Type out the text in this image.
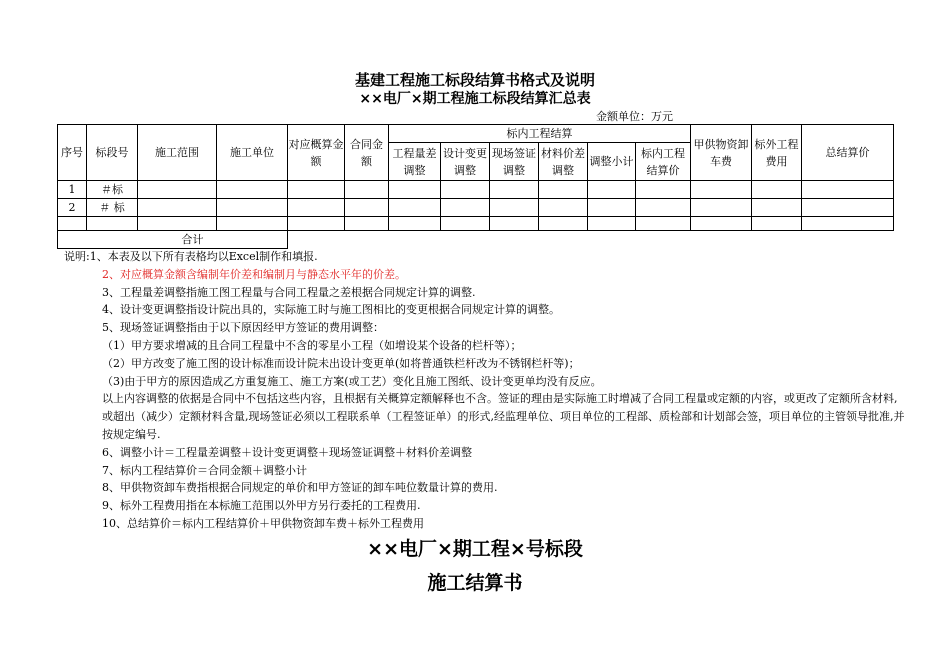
基建工程施工标段结算书格式及说明
××电厂×期工程施工标段结算汇总表
金额单位：万元
序号	标段号	施工范围	施工单位	对应概算金额	合同金额	标内工程结算						甲供物资卸车费	标外工程费用	总结算价
						工程量差调整	设计变更调整	现场签证调整	材料价差调整	调整小计	标内工程结算价			
1	＃标													
2	＃ 标													

合计														
说明:1、本表及以下所有表格均以Excel制作和填报.
2、对应概算金额含编制年价差和编制月与静态水平年的价差。
3、工程量差调整指施工图工程量与合同工程量之差根据合同规定计算的调整.
4、设计变更调整指设计院出具的，实际施工时与施工图相比的变更根据合同规定计算的调整。
5、现场签证调整指由于以下原因经甲方签证的费用调整：
（1）甲方要求增减的且合同工程量中不含的零星小工程（如增设某个设备的栏杆等）；
（2）甲方改变了施工图的设计标准而设计院未出设计变更单(如将普通铁栏杆改为不锈钢栏杆等)；
（3)由于甲方的原因造成乙方重复施工、施工方案(或工艺）变化且施工图纸、设计变更单均没有反应。
以上内容调整的依据是合同中不包括这些内容，且根据有关概算定额解释也不含。签证的理由是实际施工时增减了合同工程量或定额的内容，或更改了定额所含材料,或超出（减少）定额材料含量,现场签证必须以工程联系单（工程签证单）的形式,经监理单位、项目单位的工程部、质检部和计划部会签，项目单位的主管领导批准,并按规定编号.
6、调整小计＝工程量差调整＋设计变更调整＋现场签证调整＋材料价差调整
7、标内工程结算价＝合同金额＋调整小计
8、甲供物资卸车费指根据合同规定的单价和甲方签证的卸车吨位数量计算的费用.
9、标外工程费用指在本标施工范围以外甲方另行委托的工程费用.
10、总结算价＝标内工程结算价＋甲供物资卸车费＋标外工程费用
××电厂×期工程×号标段
施工结算书
